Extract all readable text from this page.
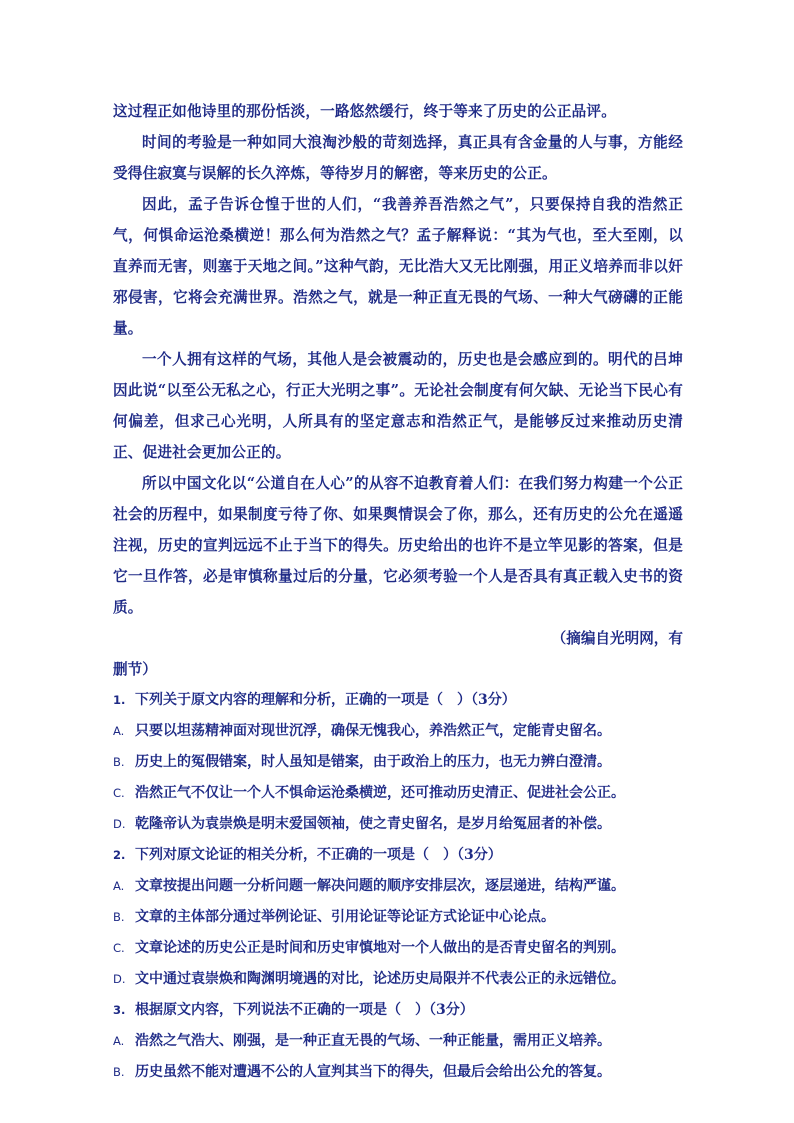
这过程正如他诗里的那份恬淡，一路悠然缓行，终于等来了历史的公正品评。

时间的考验是一种如同大浪淘沙般的苛刻选择，真正具有含金量的人与事，方能经受得住寂寞与误解的长久淬炼，等待岁月的解密，等来历史的公正。

因此，孟子告诉仓惶于世的人们，“我善养吾浩然之气”，只要保持自我的浩然正气，何惧命运沧桑横逆！那么何为浩然之气？孟子解释说：“其为气也，至大至刚，以直养而无害，则塞于天地之间。”这种气韵，无比浩大又无比刚强，用正义培养而非以奸邪侵害，它将会充满世界。浩然之气，就是一种正直无畏的气场、一种大气磅礴的正能量。

一个人拥有这样的气场，其他人是会被震动的，历史也是会感应到的。明代的吕坤因此说“以至公无私之心，行正大光明之事”。无论社会制度有何欠缺、无论当下民心有何偏差，但求己心光明，人所具有的坚定意志和浩然正气，是能够反过来推动历史清正、促进社会更加公正的。

所以中国文化以“公道自在人心”的从容不迫教育着人们：在我们努力构建一个公正社会的历程中，如果制度亏待了你、如果舆情误会了你，那么，还有历史的公允在遥遥注视，历史的宣判远远不止于当下的得失。历史给出的也许不是立竿见影的答案，但是它一旦作答，必是审慎称量过后的分量，它必须考验一个人是否具有真正载入史书的资质。

（摘编自光明网，有
删节）

1. 下列关于原文内容的理解和分析，正确的一项是（　）（3分）

A. 只要以坦荡精神面对现世沉浮，确保无愧我心，养浩然正气，定能青史留名。

B. 历史上的冤假错案，时人虽知是错案，由于政治上的压力，也无力辨白澄清。

C. 浩然正气不仅让一个人不惧命运沧桑横逆，还可推动历史清正、促进社会公正。

D. 乾隆帝认为袁崇焕是明末爱国领袖，使之青史留名，是岁月给冤屈者的补偿。

2. 下列对原文论证的相关分析，不正确的一项是（　）（3分）

A. 文章按提出问题一分析问题一解决问题的顺序安排层次，逐层递进，结构严谨。

B. 文章的主体部分通过举例论证、引用论证等论证方式论证中心论点。

C. 文章论述的历史公正是时间和历史审慎地对一个人做出的是否青史留名的判别。

D. 文中通过袁崇焕和陶渊明境遇的对比，论述历史局限并不代表公正的永远错位。

3. 根据原文内容，下列说法不正确的一项是（　）（3分）

A. 浩然之气浩大、刚强，是一种正直无畏的气场、一种正能量，需用正义培养。

B. 历史虽然不能对遭遇不公的人宣判其当下的得失，但最后会给出公允的答复。
